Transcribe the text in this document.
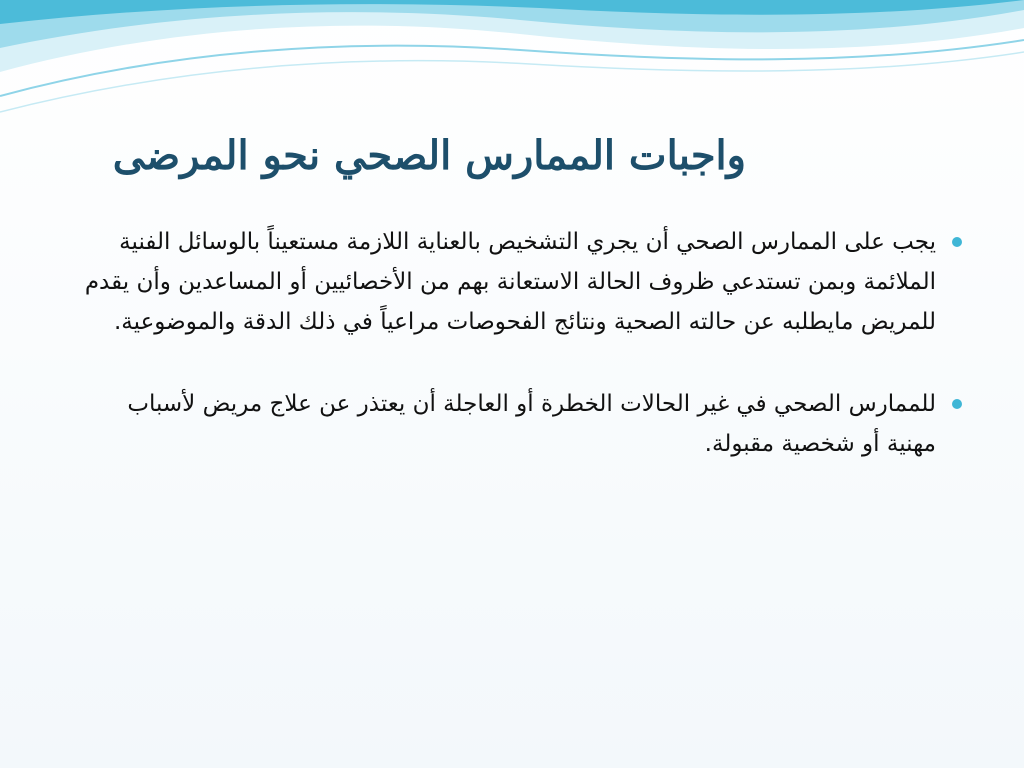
واجبات الممارس الصحي نحو المرضى
يجب على الممارس الصحي أن يجري التشخيص بالعناية اللازمة مستعيناً بالوسائل الفنية الملائمة وبمن تستدعي ظروف الحالة الاستعانة بهم من الأخصائيين أو المساعدين وأن يقدم للمريض مايطلبه عن حالته الصحية ونتائج الفحوصات مراعياً في ذلك الدقة والموضوعية.
للممارس الصحي في غير الحالات الخطرة أو العاجلة أن يعتذر عن علاج مريض لأسباب مهنية أو شخصية مقبولة.
